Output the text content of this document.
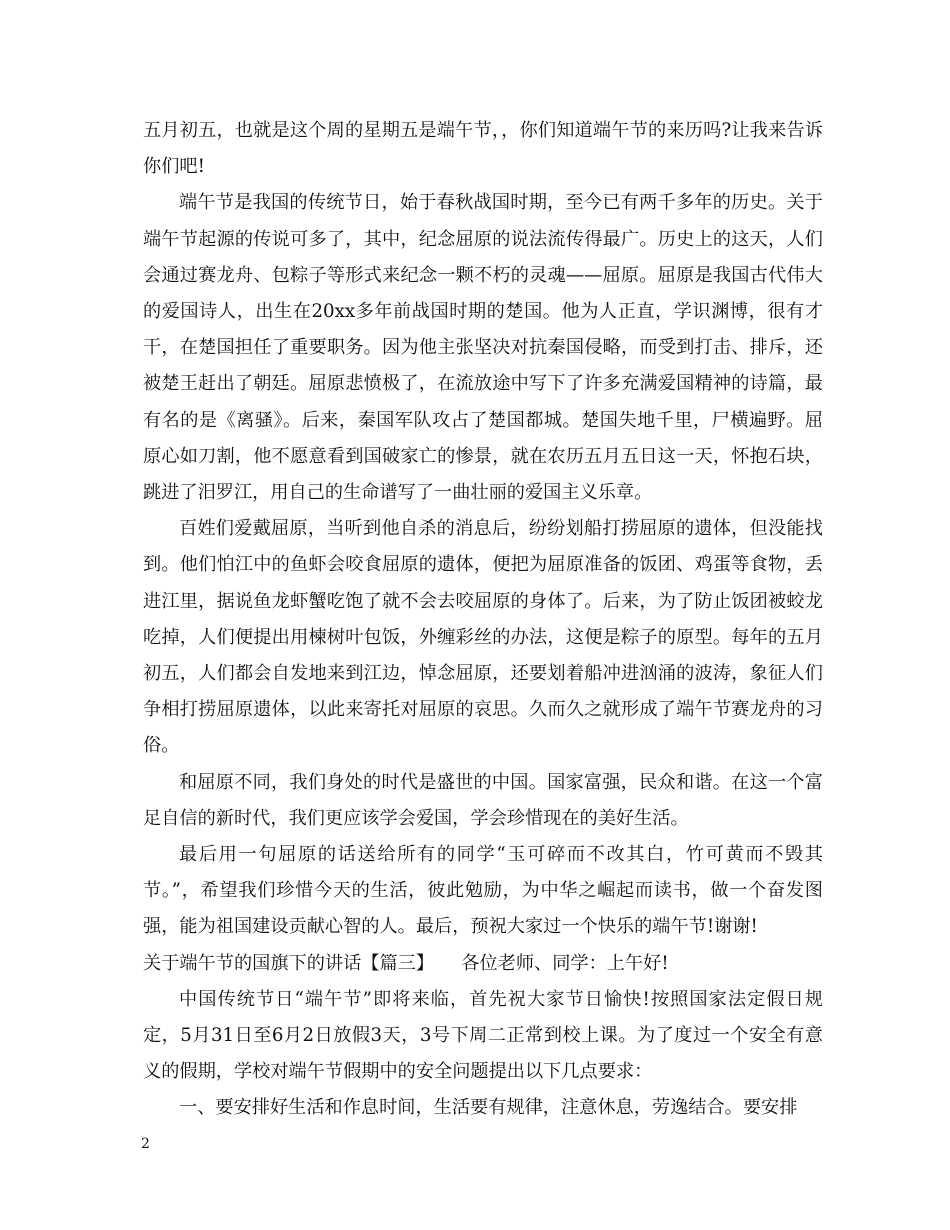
五月初五，也就是这个周的星期五是端午节，，你们知道端午节的来历吗?让我来告诉你们吧!

端午节是我国的传统节日，始于春秋战国时期，至今已有两千多年的历史。关于端午节起源的传说可多了，其中，纪念屈原的说法流传得最广。历史上的这天，人们会通过赛龙舟、包粽子等形式来纪念一颗不朽的灵魂——屈原。屈原是我国古代伟大的爱国诗人，出生在20xx多年前战国时期的楚国。他为人正直，学识渊博，很有才干，在楚国担任了重要职务。因为他主张坚决对抗秦国侵略，而受到打击、排斥，还被楚王赶出了朝廷。屈原悲愤极了，在流放途中写下了许多充满爱国精神的诗篇，最有名的是《离骚》。后来，秦国军队攻占了楚国都城。楚国失地千里，尸横遍野。屈原心如刀割，他不愿意看到国破家亡的惨景，就在农历五月五日这一天，怀抱石块，跳进了汨罗江，用自己的生命谱写了一曲壮丽的爱国主义乐章。

百姓们爱戴屈原，当听到他自杀的消息后，纷纷划船打捞屈原的遗体，但没能找到。他们怕江中的鱼虾会咬食屈原的遗体，便把为屈原准备的饭团、鸡蛋等食物，丢进江里，据说鱼龙虾蟹吃饱了就不会去咬屈原的身体了。后来，为了防止饭团被蛟龙吃掉，人们便提出用楝树叶包饭，外缠彩丝的办法，这便是粽子的原型。每年的五月初五，人们都会自发地来到江边，悼念屈原，还要划着船冲进汹涌的波涛，象征人们争相打捞屈原遗体，以此来寄托对屈原的哀思。久而久之就形成了端午节赛龙舟的习俗。

和屈原不同，我们身处的时代是盛世的中国。国家富强，民众和谐。在这一个富足自信的新时代，我们更应该学会爱国，学会珍惜现在的美好生活。

最后用一句屈原的话送给所有的同学“玉可碎而不改其白，竹可黄而不毁其节。”，希望我们珍惜今天的生活，彼此勉励，为中华之崛起而读书，做一个奋发图强，能为祖国建设贡献心智的人。最后，预祝大家过一个快乐的端午节!谢谢!

关于端午节的国旗下的讲话【篇三】　　各位老师、同学：上午好!

中国传统节日“端午节”即将来临，首先祝大家节日愉快!按照国家法定假日规定，5月31日至6月2日放假3天，3号下周二正常到校上课。为了度过一个安全有意义的假期，学校对端午节假期中的安全问题提出以下几点要求：

一、要安排好生活和作息时间，生活要有规律，注意休息，劳逸结合。要安排

2
